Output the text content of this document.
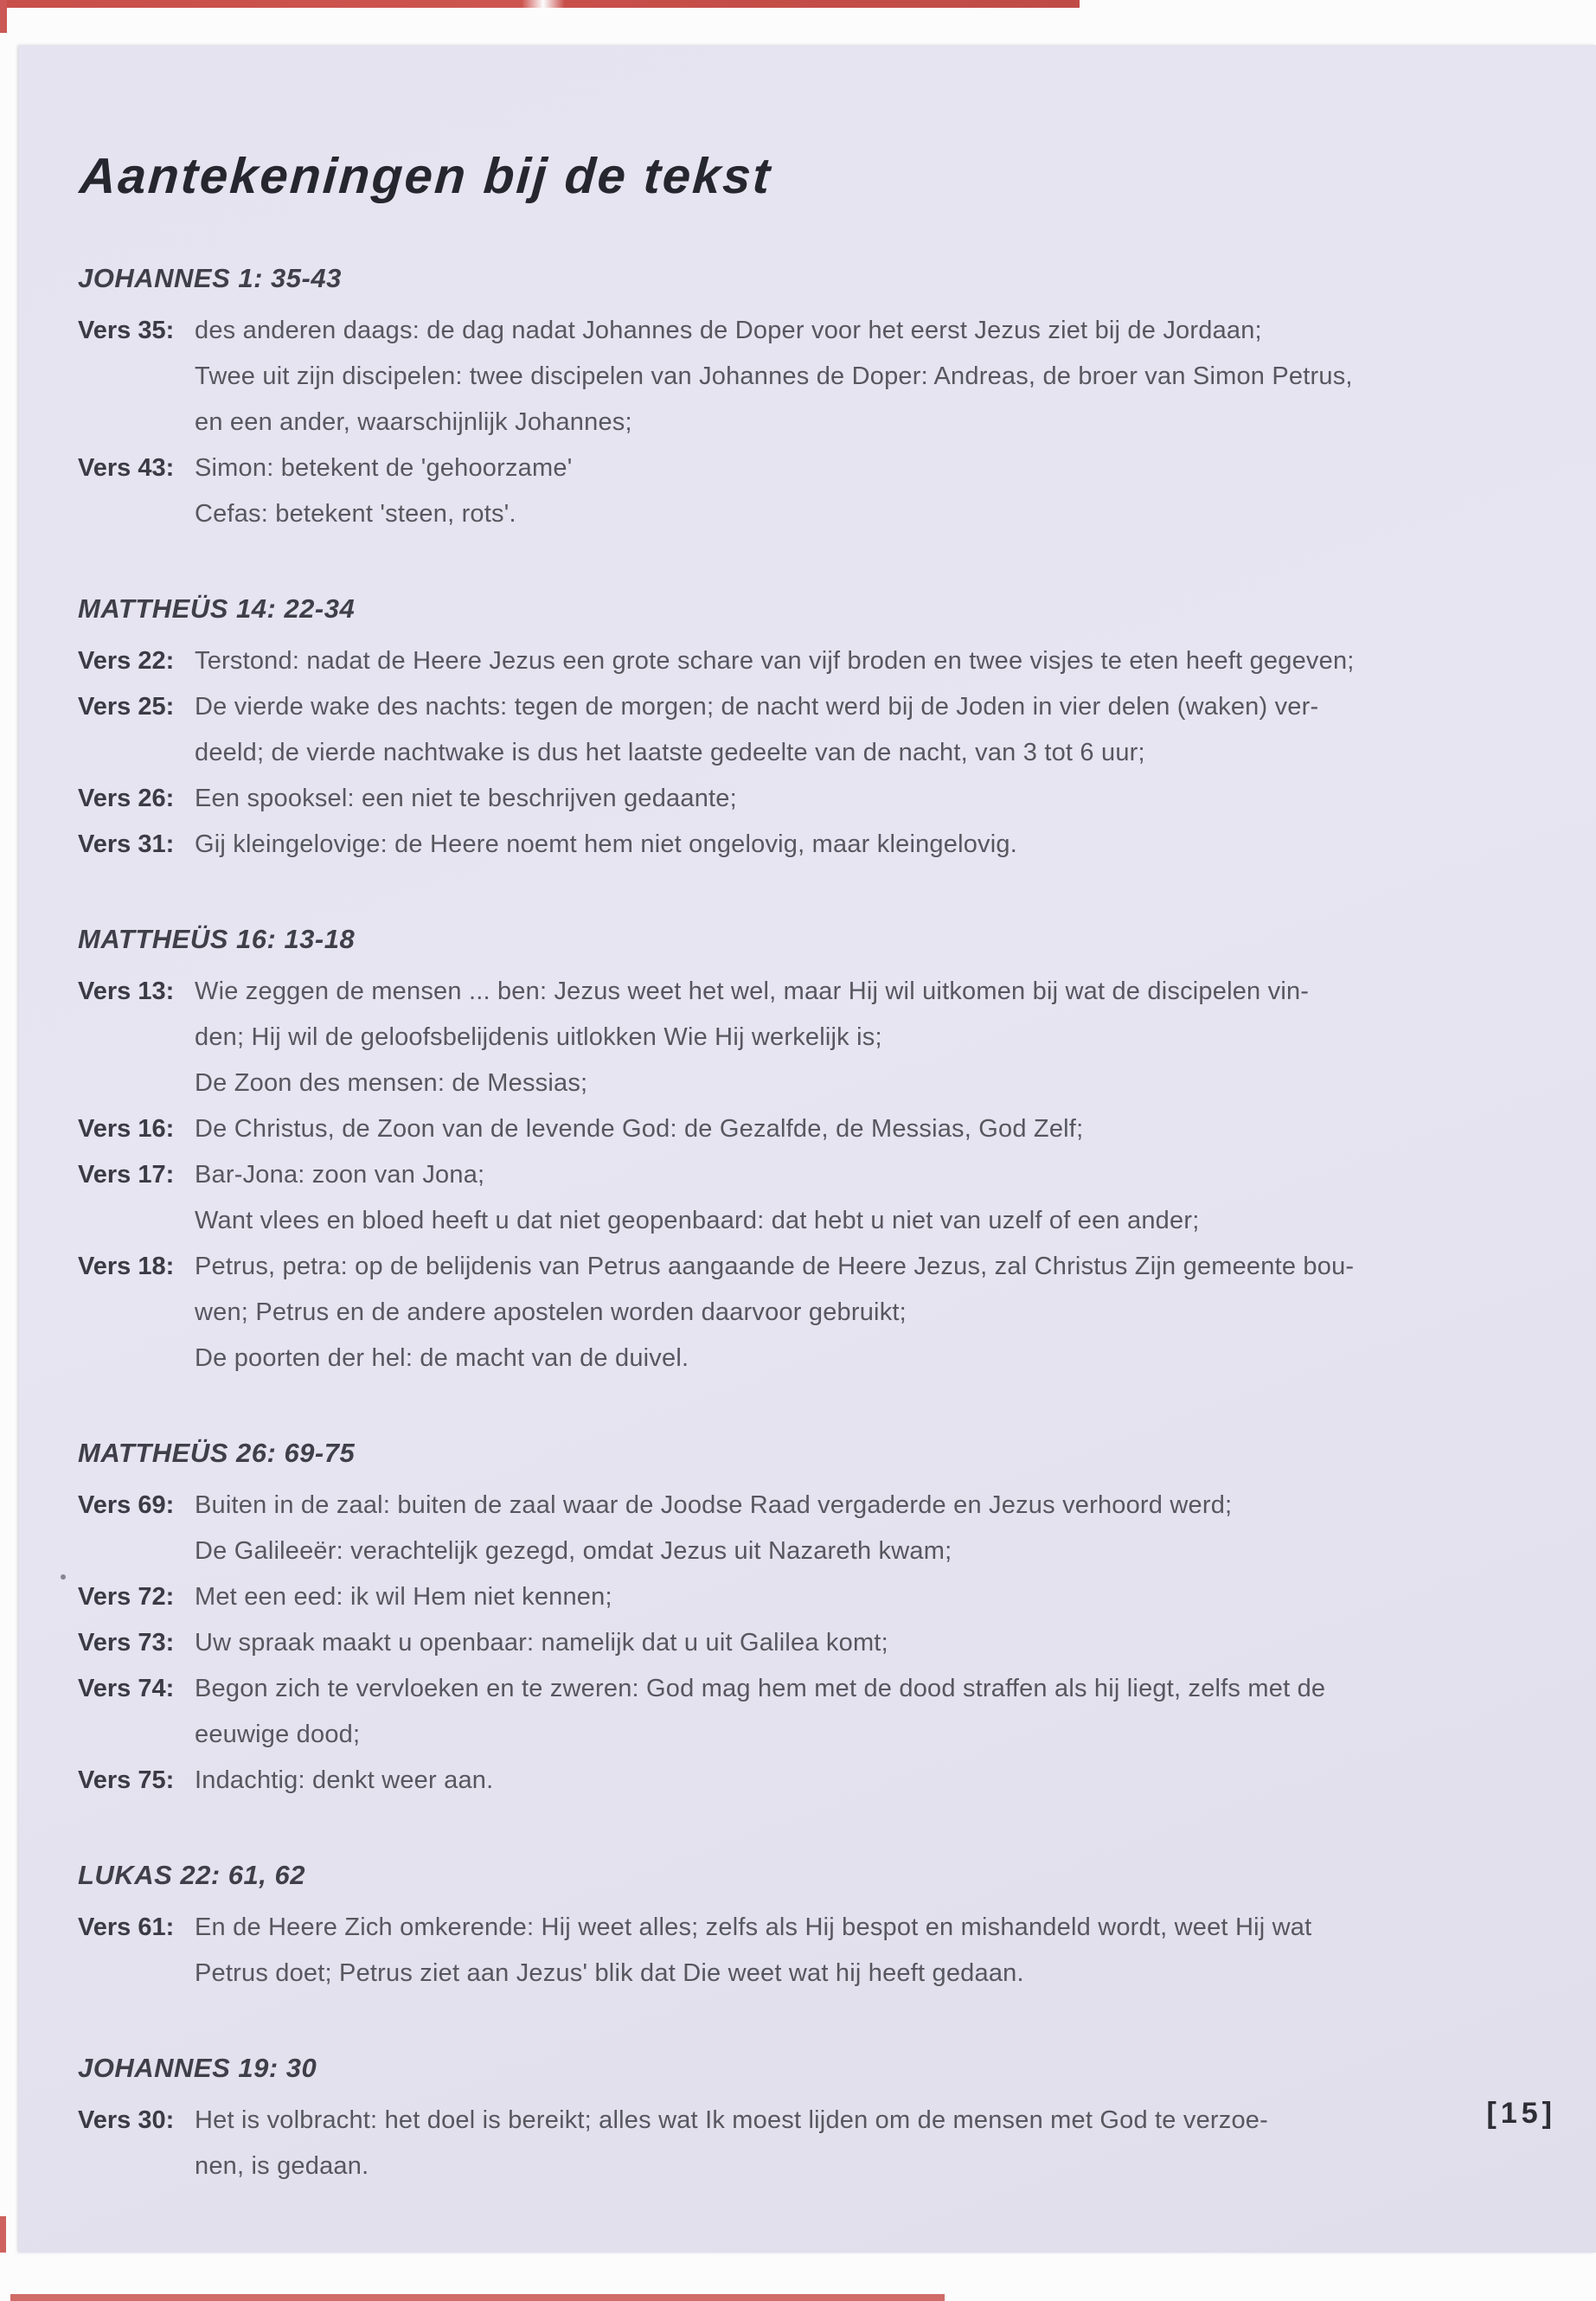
Aantekeningen bij de tekst
JOHANNES 1: 35-43
Vers 35: des anderen daags: de dag nadat Johannes de Doper voor het eerst Jezus ziet bij de Jordaan;
Twee uit zijn discipelen: twee discipelen van Johannes de Doper: Andreas, de broer van Simon Petrus,
en een ander, waarschijnlijk Johannes;
Vers 43: Simon: betekent de 'gehoorzame'
Cefas: betekent 'steen, rots'.
MATTHEÜS 14: 22-34
Vers 22: Terstond: nadat de Heere Jezus een grote schare van vijf broden en twee visjes te eten heeft gegeven;
Vers 25: De vierde wake des nachts: tegen de morgen; de nacht werd bij de Joden in vier delen (waken) ver-
deeld; de vierde nachtwake is dus het laatste gedeelte van de nacht, van 3 tot 6 uur;
Vers 26: Een spooksel: een niet te beschrijven gedaante;
Vers 31: Gij kleingelovige: de Heere noemt hem niet ongelovig, maar kleingelovig.
MATTHEÜS 16: 13-18
Vers 13: Wie zeggen de mensen ... ben: Jezus weet het wel, maar Hij wil uitkomen bij wat de discipelen vin-
den; Hij wil de geloofsbelijdenis uitlokken Wie Hij werkelijk is;
De Zoon des mensen: de Messias;
Vers 16: De Christus, de Zoon van de levende God: de Gezalfde, de Messias, God Zelf;
Vers 17: Bar-Jona: zoon van Jona;
Want vlees en bloed heeft u dat niet geopenbaard: dat hebt u niet van uzelf of een ander;
Vers 18: Petrus, petra: op de belijdenis van Petrus aangaande de Heere Jezus, zal Christus Zijn gemeente bou-
wen; Petrus en de andere apostelen worden daarvoor gebruikt;
De poorten der hel: de macht van de duivel.
MATTHEÜS 26: 69-75
Vers 69: Buiten in de zaal: buiten de zaal waar de Joodse Raad vergaderde en Jezus verhoord werd;
De Galileeër: verachtelijk gezegd, omdat Jezus uit Nazareth kwam;
Vers 72: Met een eed: ik wil Hem niet kennen;
Vers 73: Uw spraak maakt u openbaar: namelijk dat u uit Galilea komt;
Vers 74: Begon zich te vervloeken en te zweren: God mag hem met de dood straffen als hij liegt, zelfs met de
eeuwige dood;
Vers 75: Indachtig: denkt weer aan.
LUKAS 22: 61, 62
Vers 61: En de Heere Zich omkerende: Hij weet alles; zelfs als Hij bespot en mishandeld wordt, weet Hij wat
Petrus doet; Petrus ziet aan Jezus' blik dat Die weet wat hij heeft gedaan.
JOHANNES 19: 30
Vers 30: Het is volbracht: het doel is bereikt; alles wat Ik moest lijden om de mensen met God te verzoe-
nen, is gedaan.
[15]
